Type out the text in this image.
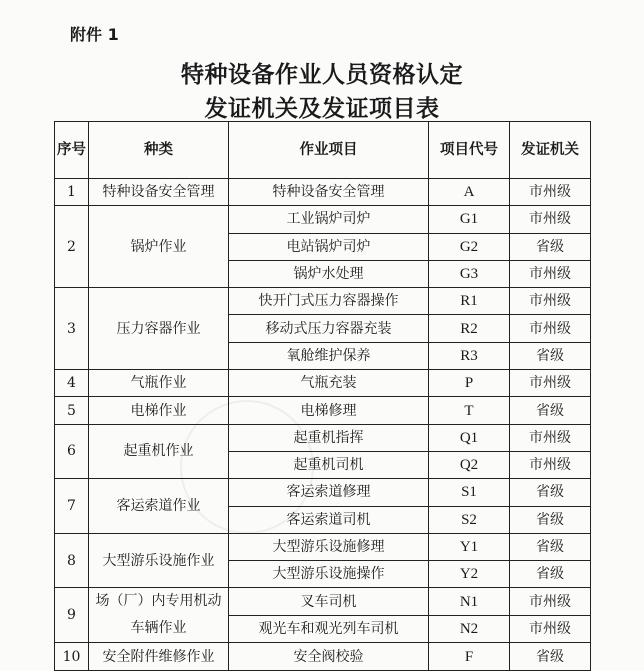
附件 1
特种设备作业人员资格认定
发证机关及发证项目表
序号	种类	作业项目	项目代号	发证机关
1	特种设备安全管理	特种设备安全管理	A	市州级
2	锅炉作业	工业锅炉司炉	G1	市州级
		电站锅炉司炉	G2	省级
		锅炉水处理	G3	市州级
3	压力容器作业	快开门式压力容器操作	R1	市州级
		移动式压力容器充装	R2	市州级
		氧舱维护保养	R3	省级
4	气瓶作业	气瓶充装	P	市州级
5	电梯作业	电梯修理	T	省级
6	起重机作业	起重机指挥	Q1	市州级
		起重机司机	Q2	市州级
7	客运索道作业	客运索道修理	S1	省级
		客运索道司机	S2	省级
8	大型游乐设施作业	大型游乐设施修理	Y1	省级
		大型游乐设施操作	Y2	省级
9	场（厂）内专用机动车辆作业	叉车司机	N1	市州级
		观光车和观光列车司机	N2	市州级
10	安全附件维修作业	安全阀校验	F	省级
